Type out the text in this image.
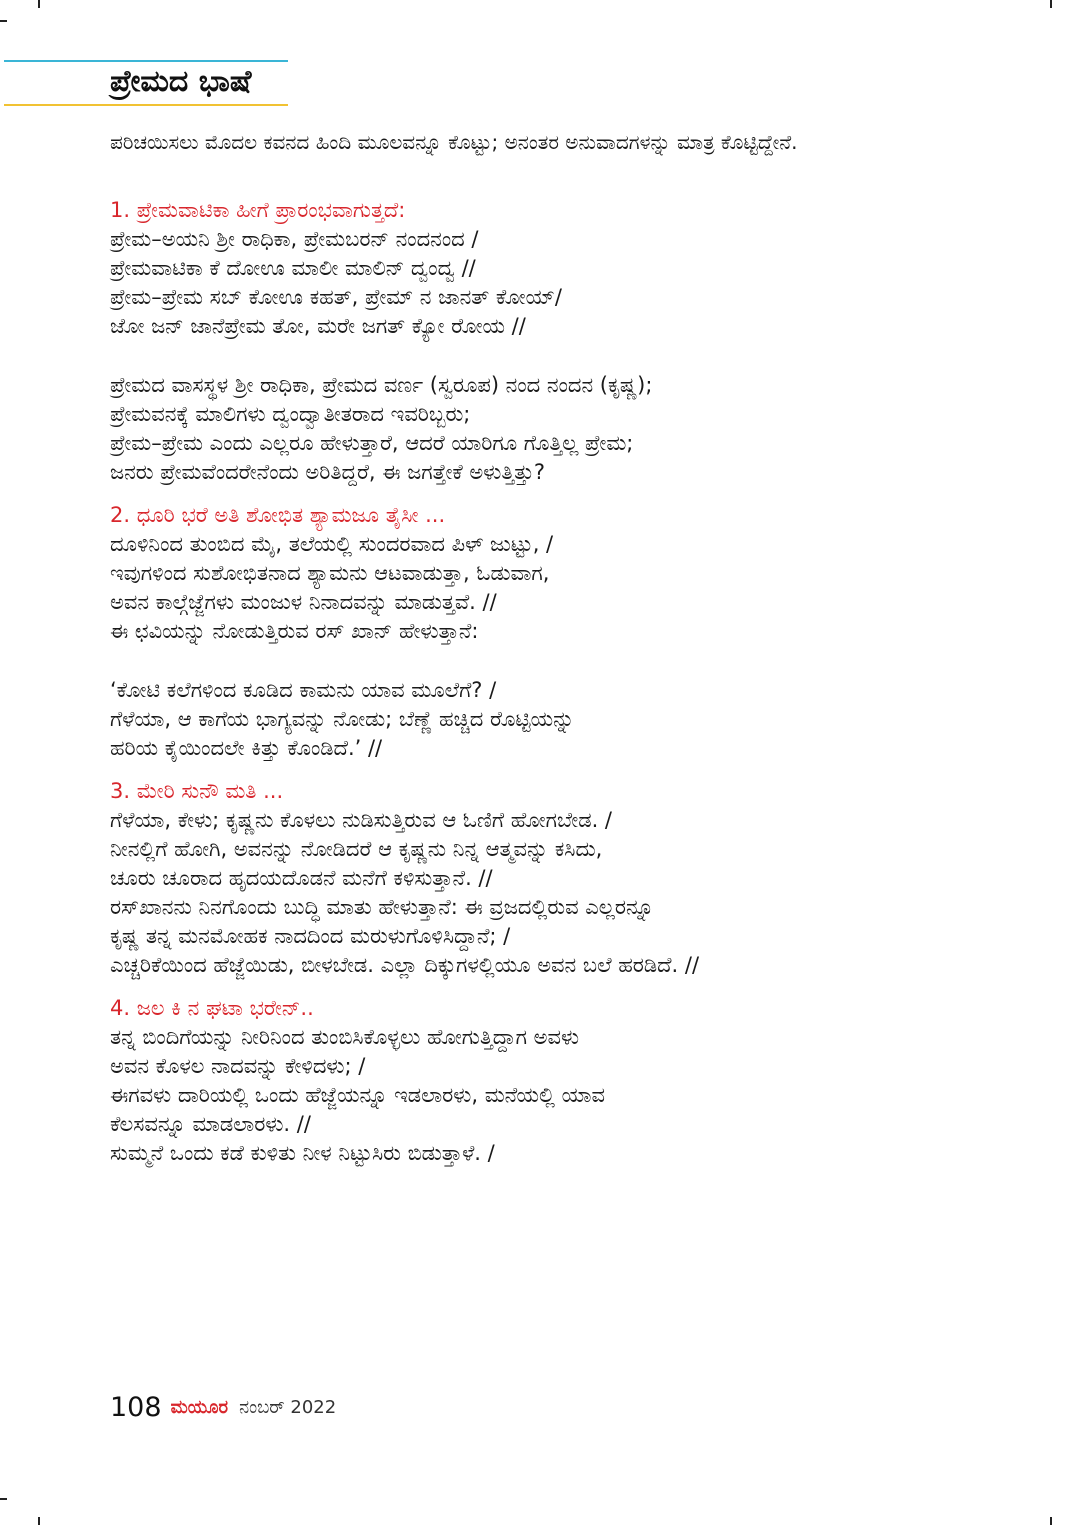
ಪ್ರೇಮದ ಭಾಷೆ

ಪರಿಚಯಿಸಲು ಮೊದಲ ಕವನದ ಹಿಂದಿ ಮೂಲವನ್ನೂ ಕೊಟ್ಟು; ಅನಂತರ ಅನುವಾದಗಳನ್ನು ಮಾತ್ರ ಕೊಟ್ಟಿದ್ದೇನೆ.

1. ಪ್ರೇಮವಾಟಿಕಾ ಹೀಗೆ ಪ್ರಾರಂಭವಾಗುತ್ತದೆ:

ಪ್ರೇಮ–ಅಯನಿ ಶ್ರೀ ರಾಧಿಕಾ, ಪ್ರೇಮಬರನ್ ನಂದನಂದ /

ಪ್ರೇಮವಾಟಿಕಾ ಕೆ ದೋಊ ಮಾಲೀ ಮಾಲಿನ್ ದ್ವಂದ್ವ //

ಪ್ರೇಮ–ಪ್ರೇಮ ಸಬ್ ಕೋಊ ಕಹತ್, ಪ್ರೇಮ್ ನ ಜಾನತ್ ಕೋಯ್/

ಜೋ ಜನ್ ಜಾನೆಪ್ರೇಮ ತೋ, ಮರೇ ಜಗತ್ ಕ್ಯೋ ರೋಯ //

ಪ್ರೇಮದ ವಾಸಸ್ಥಳ ಶ್ರೀ ರಾಧಿಕಾ, ಪ್ರೇಮದ ವರ್ಣ (ಸ್ವರೂಪ) ನಂದ ನಂದನ (ಕೃಷ್ಣ);

ಪ್ರೇಮವನಕ್ಕೆ ಮಾಲಿಗಳು ದ್ವಂದ್ವಾತೀತರಾದ ಇವರಿಬ್ಬರು;

ಪ್ರೇಮ–ಪ್ರೇಮ ಎಂದು ಎಲ್ಲರೂ ಹೇಳುತ್ತಾರೆ, ಆದರೆ ಯಾರಿಗೂ ಗೊತ್ತಿಲ್ಲ ಪ್ರೇಮ;

ಜನರು ಪ್ರೇಮವೆಂದರೇನೆಂದು ಅರಿತಿದ್ದರೆ, ಈ ಜಗತ್ತೇಕೆ ಅಳುತ್ತಿತ್ತು?

2. ಧೂರಿ ಭರೆ ಅತಿ ಶೋಭಿತ ಶ್ಯಾಮಜೂ ತೈಸೀ ...

ದೂಳಿನಿಂದ ತುಂಬಿದ ಮೈ, ತಲೆಯಲ್ಲಿ ಸುಂದರವಾದ ಪಿಳ್ ಜುಟ್ಟು, /

ಇವುಗಳಿಂದ ಸುಶೋಭಿತನಾದ ಶ್ಯಾಮನು ಆಟವಾಡುತ್ತಾ, ಓಡುವಾಗ,

ಅವನ ಕಾಲ್ಗೆಜ್ಜೆಗಳು ಮಂಜುಳ ನಿನಾದವನ್ನು ಮಾಡುತ್ತವೆ. //

ಈ ಛವಿಯನ್ನು ನೋಡುತ್ತಿರುವ ರಸ್ ಖಾನ್ ಹೇಳುತ್ತಾನೆ:

‘ಕೋಟಿ ಕಲೆಗಳಿಂದ ಕೂಡಿದ ಕಾಮನು ಯಾವ ಮೂಲೆಗೆ? /

ಗೆಳೆಯಾ, ಆ ಕಾಗೆಯ ಭಾಗ್ಯವನ್ನು ನೋಡು; ಬೆಣ್ಣೆ ಹಚ್ಚಿದ ರೊಟ್ಟಿಯನ್ನು

ಹರಿಯ ಕೈಯಿಂದಲೇ ಕಿತ್ತು ಕೊಂಡಿದೆ.’ //

3. ಮೇರಿ ಸುನೌ ಮತಿ ...

ಗೆಳೆಯಾ, ಕೇಳು; ಕೃಷ್ಣನು ಕೊಳಲು ನುಡಿಸುತ್ತಿರುವ ಆ ಓಣಿಗೆ ಹೋಗಬೇಡ. /

ನೀನಲ್ಲಿಗೆ ಹೋಗಿ, ಅವನನ್ನು ನೋಡಿದರೆ ಆ ಕೃಷ್ಣನು ನಿನ್ನ ಆತ್ಮವನ್ನು ಕಸಿದು,

ಚೂರು ಚೂರಾದ ಹೃದಯದೊಡನೆ ಮನೆಗೆ ಕಳಿಸುತ್ತಾನೆ. //

ರಸ್‌ಖಾನನು ನಿನಗೊಂದು ಬುದ್ಧಿ ಮಾತು ಹೇಳುತ್ತಾನೆ: ಈ ವ್ರಜದಲ್ಲಿರುವ ಎಲ್ಲರನ್ನೂ

ಕೃಷ್ಣ ತನ್ನ ಮನಮೋಹಕ ನಾದದಿಂದ ಮರುಳುಗೊಳಿಸಿದ್ದಾನೆ; /

ಎಚ್ಚರಿಕೆಯಿಂದ ಹೆಜ್ಜೆಯಿಡು, ಬೀಳಬೇಡ. ಎಲ್ಲಾ ದಿಕ್ಕುಗಳಲ್ಲಿಯೂ ಅವನ ಬಲೆ ಹರಡಿದೆ. //

4. ಜಲ ಕಿ ನ ಘಟಾ ಭರೇನ್..

ತನ್ನ ಬಿಂದಿಗೆಯನ್ನು ನೀರಿನಿಂದ ತುಂಬಿಸಿಕೊಳ್ಳಲು ಹೋಗುತ್ತಿದ್ದಾಗ ಅವಳು

ಅವನ ಕೊಳಲ ನಾದವನ್ನು ಕೇಳಿದಳು; /

ಈಗವಳು ದಾರಿಯಲ್ಲಿ ಒಂದು ಹೆಜ್ಜೆಯನ್ನೂ ಇಡಲಾರಳು, ಮನೆಯಲ್ಲಿ ಯಾವ

ಕೆಲಸವನ್ನೂ ಮಾಡಲಾರಳು. //

ಸುಮ್ಮನೆ ಒಂದು ಕಡೆ ಕುಳಿತು ನೀಳ ನಿಟ್ಟುಸಿರು ಬಿಡುತ್ತಾಳೆ. /

108 ಮಯೂರ ನಂಬರ್ 2022
